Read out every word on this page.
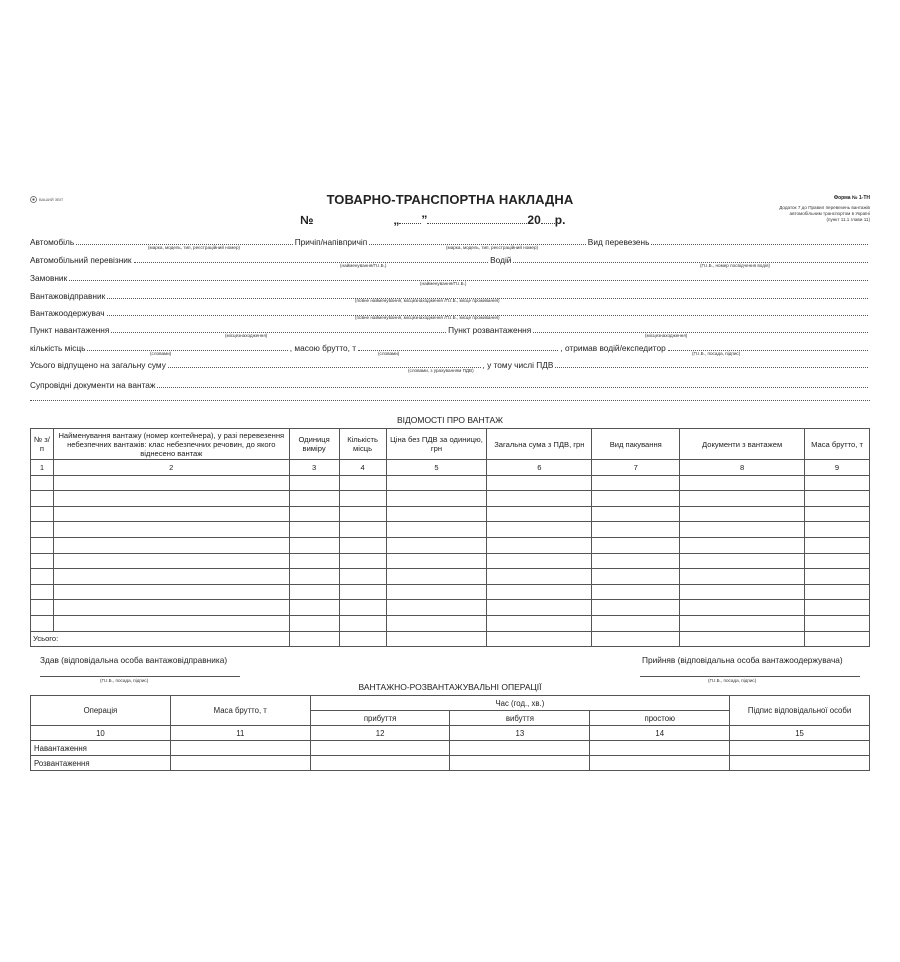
ВАШИЙ ЗВІТ	ТОВАРНО-ТРАНСПОРТНА НАКЛАДНА	Форма № 1-ТН
Додаток 7 до Правил перевезень вантажів
автомобільним транспортом в Україні
(пункт 11.1 глави 11)
№	„ ”	20 р.
Автомобіль	Причіп/напівпричіп	Вид перевезень
(марка, модель, тип, реєстраційний номер)	(марка, модель, тип, реєстраційний номер)
Автомобільний перевізник	Водій
(найменування/П.І.Б.)	(П.І.Б., номер посвідчення водія)
Замовник
(найменування/П.І.Б.)
Вантажовідправник	(повне найменування, місцезнаходження /П.І.Б., місце проживання)
Вантажоодержувач	(повне найменування, місцезнаходження /П.І.Б., місце проживання)
Пункт навантаження	Пункт розвантаження
(місцезнаходження)	(місцезнаходження)
кількість місць	, масою брутто, т	, отримав водій/експедитор
(словами)	(словами)	(П.І.Б., посада, підпис)
Усього відпущено на загальну суму	, у тому числі ПДВ
(словами, з урахуванням ПДВ)
Супровідні документи на вантаж
ВІДОМОСТІ ПРО ВАНТАЖ
№ з/п	Найменування вантажу (номер контейнера), у разі перевезення небезпечних вантажів: клас небезпечних речовин, до якого віднесено вантаж	Одиниця виміру	Кількість місць	Ціна без ПДВ за одиницю, грн	Загальна сума з ПДВ, грн	Вид пакування	Документи з вантажем	Маса брутто, т
1	2	3	4	5	6	7	8	9

Усього:								
Здав (відповідальна особа вантажовідправника)
(П.І.Б., посада, підпис)
Прийняв (відповідальна особа вантажоодержувача)
(П.І.Б., посада, підпис)
ВАНТАЖНО-РОЗВАНТАЖУВАЛЬНІ ОПЕРАЦІЇ
Операція	Маса брутто, т	Час (год., хв.)			Підпис відповідальної особи
		прибуття	вибуття	простою	
10	11	12	13	14	15
Навантаження					
Розвантаження					
